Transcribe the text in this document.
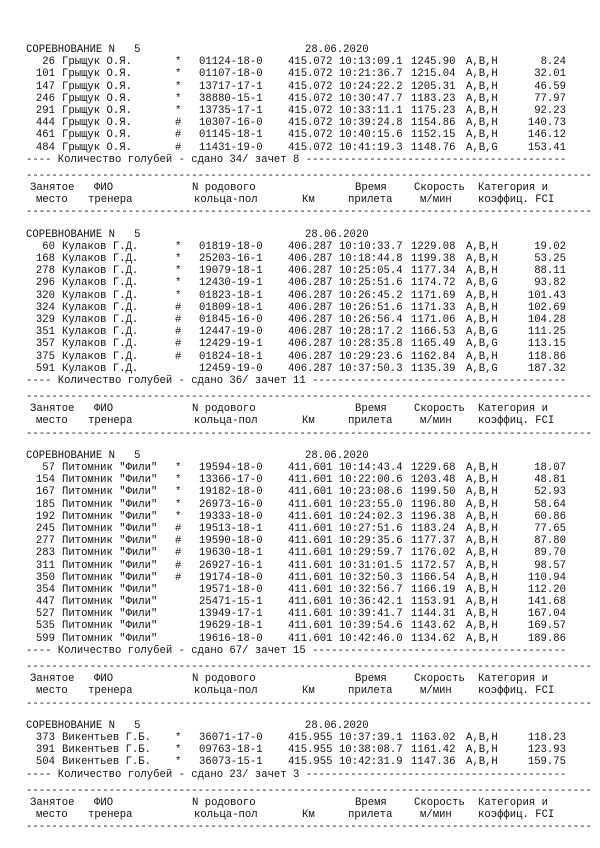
СОРЕВНОВАНИЕ N   5	28.06.2020
26 Грыщук О.Я.	* 01124-18-0 415.072 10:13:09.1 1245.90 A,B,H	8.24
101 Грыщук О.Я.	* 01107-18-0 415.072 10:21:36.7 1215.04 A,B,H	32.01
147 Грыщук О.Я.	* 13717-17-1 415.072 10:24:22.2 1205.31 A,B,H	46.59
246 Грыщук О.Я.	* 38880-15-1 415.072 10:30:47.7 1183.23 A,B,H	77.97
291 Грыщук О.Я.	* 13735-17-1 415.072 10:33:11.1 1175.23 A,B,H	92.23
444 Грыщук О.Я.	# 10307-16-0 415.072 10:39:24.8 1154.86 A,B,H	140.73
461 Грыщук О.Я.	# 01145-18-1 415.072 10:40:15.6 1152.15 A,B,H	146.12
484 Грыщук О.Я.	# 11431-19-0 415.072 10:41:19.3 1148.76 A,B,G	153.41
---- Количество голубей - сдано 34/ зачет 8 -----------------------------------------
-----------------------------------------------------------------------------------------
Занятое ФИО	N родового	Время	Скорость Категория и
место тренера	кольца-пол	Км	прилета	м/мин коэффиц. FCI
-----------------------------------------------------------------------------------------
СОРЕВНОВАНИЕ N   5	28.06.2020
60 Кулаков Г.Д.	* 01819-18-0 406.287 10:10:33.7 1229.08 A,B,H	19.02
168 Кулаков Г.Д.	* 25203-16-1 406.287 10:18:44.8 1199.38 A,B,H	53.25
278 Кулаков Г.Д.	* 19079-18-1 406.287 10:25:05.4 1177.34 A,B,H	88.11
296 Кулаков Г.Д.	* 12430-19-1 406.287 10:25:51.6 1174.72 A,B,G	93.82
320 Кулаков Г.Д.	* 01823-18-1 406.287 10:26:45.2 1171.69 A,B,H	101.43
324 Кулаков Г.Д.	# 01809-18-1 406.287 10:26:51.6 1171.33 A,B,H	102.69
329 Кулаков Г.Д.	# 01845-16-0 406.287 10:26:56.4 1171.06 A,B,H	104.28
351 Кулаков Г.Д.	# 12447-19-0 406.287 10:28:17.2 1166.53 A,B,G	111.25
357 Кулаков Г.Д.	# 12429-19-1 406.287 10:28:35.8 1165.49 A,B,G	113.15
375 Кулаков Г.Д.	# 01824-18-1 406.287 10:29:23.6 1162.84 A,B,H	118.86
591 Кулаков Г.Д.	12459-19-0 406.287 10:37:50.3 1135.39 A,B,G	187.32
---- Количество голубей - сдано 36/ зачет 11 ----------------------------------------
-----------------------------------------------------------------------------------------
Занятое ФИО	N родового	Время	Скорость Категория и
место тренера	кольца-пол	Км	прилета	м/мин коэффиц. FCI
-----------------------------------------------------------------------------------------
СОРЕВНОВАНИЕ N   5	28.06.2020
57 Питомник "Фили" * 19594-18-0 411.601 10:14:43.4 1229.68 A,B,H	18.07
154 Питомник "Фили" * 13366-17-0 411.601 10:22:00.6 1203.48 A,B,H	48.81
167 Питомник "Фили" * 19182-18-0 411.601 10:23:08.6 1199.50 A,B,H	52.93
185 Питомник "Фили" * 26973-16-0 411.601 10:23:55.0 1196.80 A,B,H	58.64
192 Питомник "Фили" * 19333-18-0 411.601 10:24:02.3 1196.38 A,B,H	60.86
245 Питомник "Фили" # 19513-18-1 411.601 10:27:51.6 1183.24 A,B,H	77.65
277 Питомник "Фили" # 19590-18-0 411.601 10:29:35.6 1177.37 A,B,H	87.80
283 Питомник "Фили" # 19630-18-1 411.601 10:29:59.7 1176.02 A,B,H	89.70
311 Питомник "Фили" # 26927-16-1 411.601 10:31:01.5 1172.57 A,B,H	98.57
350 Питомник "Фили" # 19174-18-0 411.601 10:32:50.3 1166.54 A,B,H	110.94
354 Питомник "Фили"	19571-18-0 411.601 10:32:56.7 1166.19 A,B,H	112.20
447 Питомник "Фили"	25471-15-1 411.601 10:36:42.1 1153.91 A,B,H	141.68
527 Питомник "Фили"	13949-17-1 411.601 10:39:41.7 1144.31 A,B,H	167.04
535 Питомник "Фили"	19629-18-1 411.601 10:39:54.6 1143.62 A,B,H	169.57
599 Питомник "Фили"	19616-18-0 411.601 10:42:46.0 1134.62 A,B,H	189.86
---- Количество голубей - сдано 67/ зачет 15 ----------------------------------------
-----------------------------------------------------------------------------------------
Занятое ФИО	N родового	Время	Скорость Категория и
место тренера	кольца-пол	Км	прилета	м/мин коэффиц. FCI
-----------------------------------------------------------------------------------------
СОРЕВНОВАНИЕ N   5	28.06.2020
373 Викентьев Г.Б. * 36071-17-0 415.955 10:37:39.1 1163.02 A,B,H	118.23
391 Викентьев Г.Б. * 09763-18-1 415.955 10:38:08.7 1161.42 A,B,H	123.93
504 Викентьев Г.Б. * 36073-15-1 415.955 10:42:31.9 1147.36 A,B,H	159.75
---- Количество голубей - сдано 23/ зачет 3 -----------------------------------------
-----------------------------------------------------------------------------------------
Занятое ФИО	N родового	Время	Скорость Категория и
место тренера	кольца-пол	Км	прилета	м/мин коэффиц. FCI
-----------------------------------------------------------------------------------------
